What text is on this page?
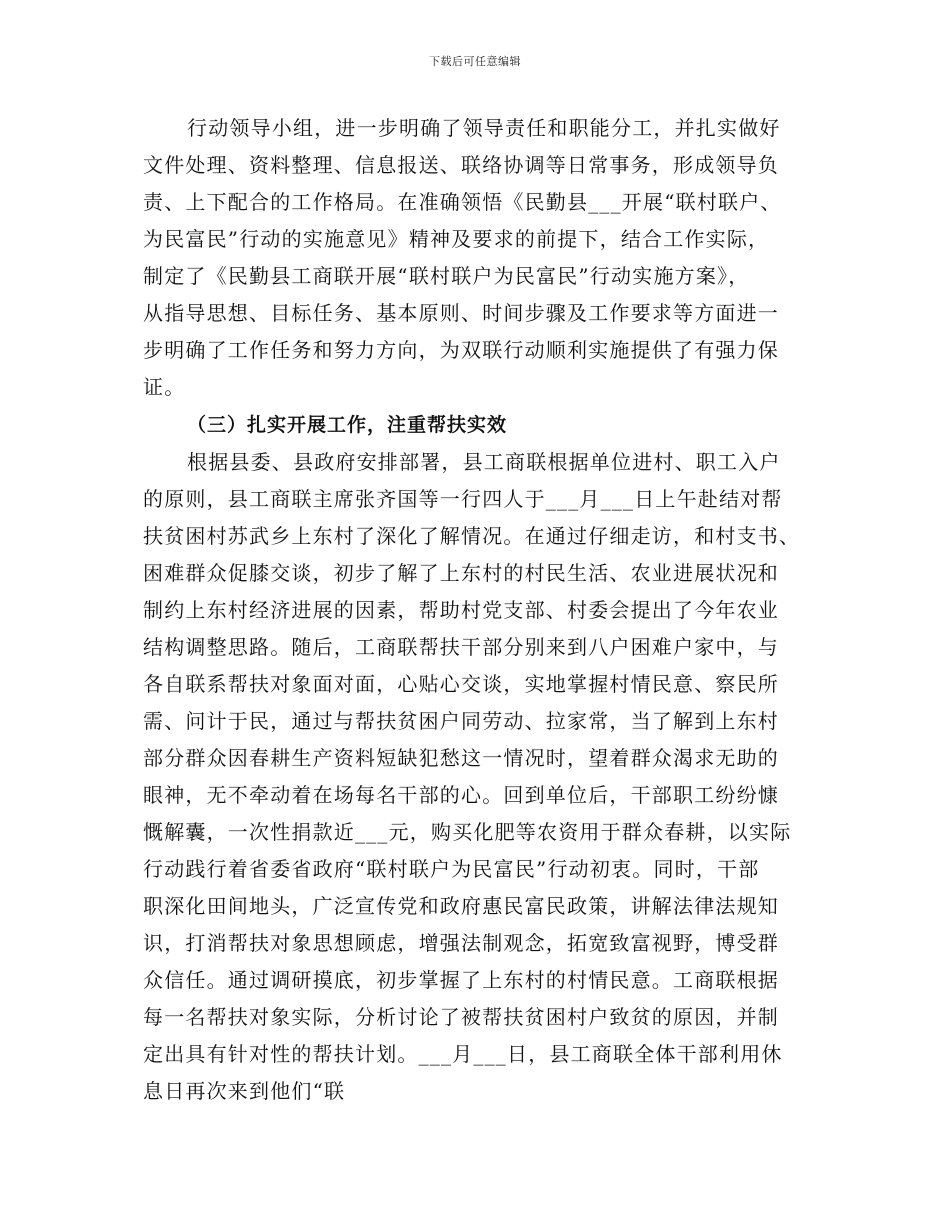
下载后可任意编辑
行动领导小组，进一步明确了领导责任和职能分工，并扎实做好
文件处理、资料整理、信息报送、联络协调等日常事务，形成领导负
责、上下配合的工作格局。在准确领悟《民勤县___开展“联村联户、
为民富民”行动的实施意见》精神及要求的前提下，结合工作实际，
制定了《民勤县工商联开展“联村联户为民富民”行动实施方案》，
从指导思想、目标任务、基本原则、时间步骤及工作要求等方面进一
步明确了工作任务和努力方向，为双联行动顺利实施提供了有强力保
证。
（三）扎实开展工作，注重帮扶实效
根据县委、县政府安排部署，县工商联根据单位进村、职工入户
的原则，县工商联主席张齐国等一行四人于___月___日上午赴结对帮
扶贫困村苏武乡上东村了深化了解情况。在通过仔细走访，和村支书、
困难群众促膝交谈，初步了解了上东村的村民生活、农业进展状况和
制约上东村经济进展的因素，帮助村党支部、村委会提出了今年农业
结构调整思路。随后，工商联帮扶干部分别来到八户困难户家中，与
各自联系帮扶对象面对面，心贴心交谈，实地掌握村情民意、察民所
需、问计于民，通过与帮扶贫困户同劳动、拉家常，当了解到上东村
部分群众因春耕生产资料短缺犯愁这一情况时，望着群众渴求无助的
眼神，无不牵动着在场每名干部的心。回到单位后，干部职工纷纷慷
慨解囊，一次性捐款近___元，购买化肥等农资用于群众春耕，以实际
行动践行着省委省政府“联村联户为民富民”行动初衷。同时，干部
职深化田间地头，广泛宣传党和政府惠民富民政策，讲解法律法规知
识，打消帮扶对象思想顾虑，增强法制观念，拓宽致富视野，博受群
众信任。通过调研摸底，初步掌握了上东村的村情民意。工商联根据
每一名帮扶对象实际，分析讨论了被帮扶贫困村户致贫的原因，并制
定出具有针对性的帮扶计划。___月___日，县工商联全体干部利用休
息日再次来到他们“联
